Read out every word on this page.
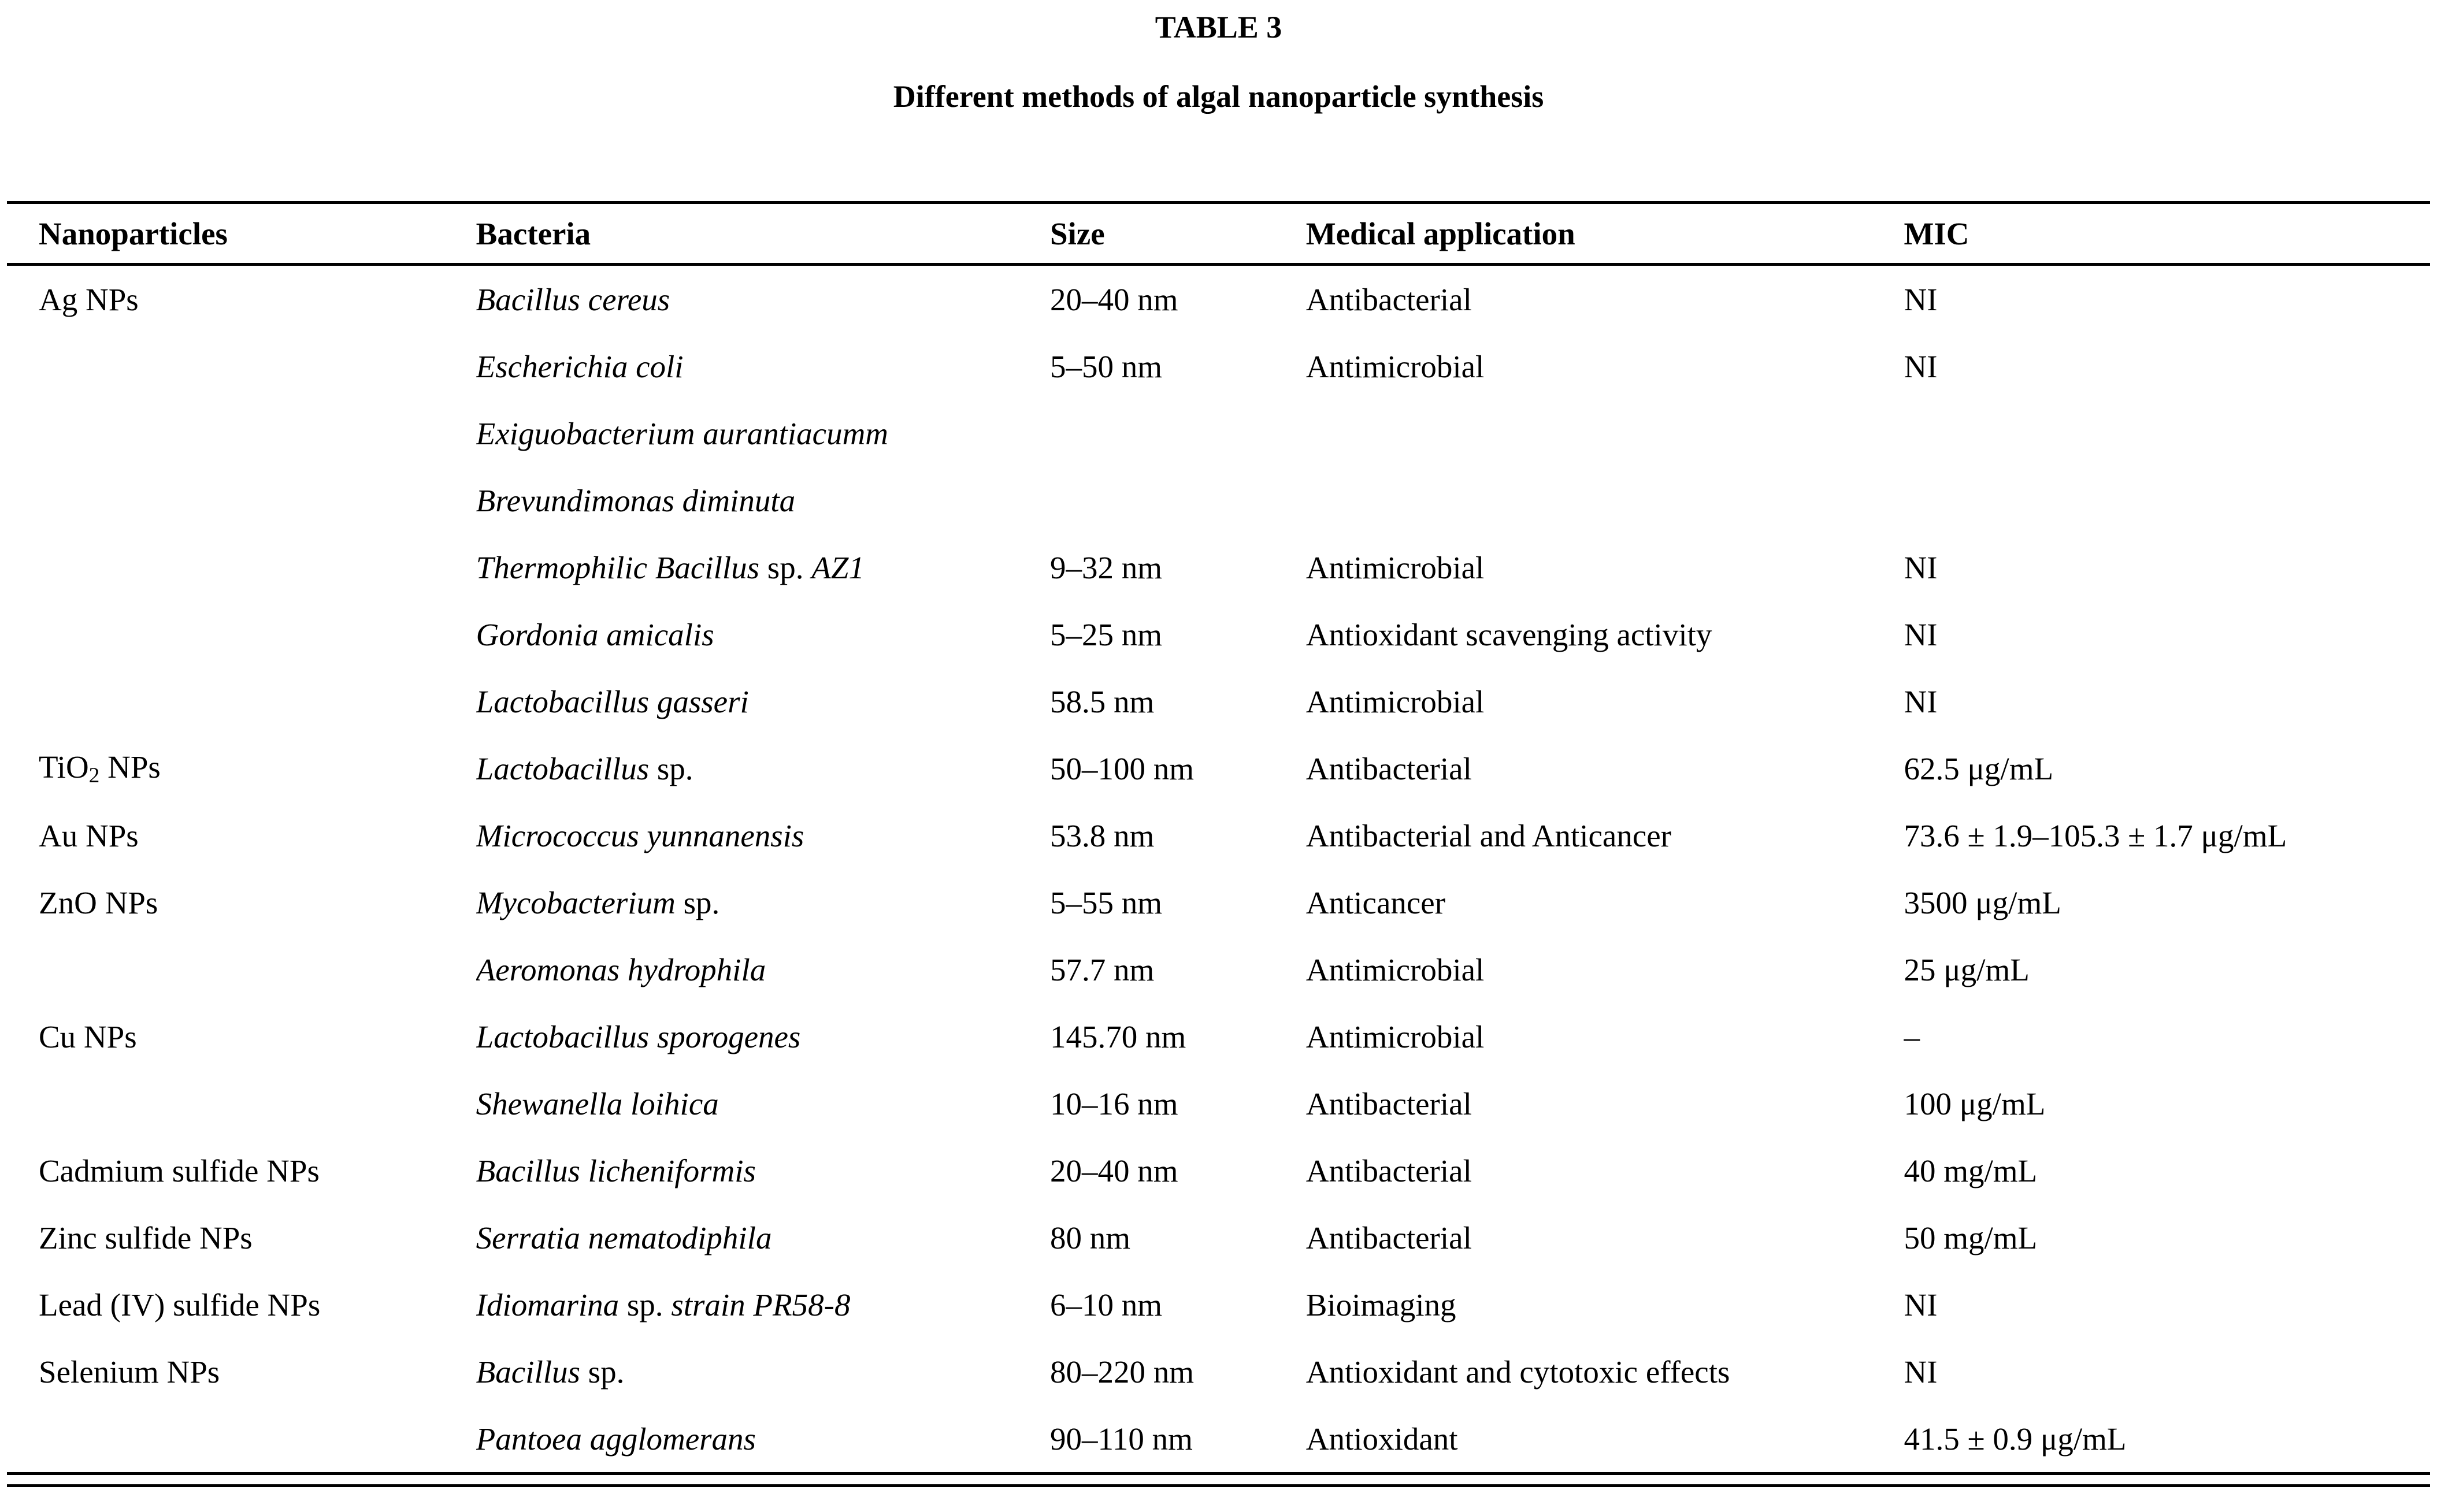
TABLE 3
Different methods of algal nanoparticle synthesis
Nanoparticles	Bacteria	Size	Medical application	MIC
Ag NPs	Bacillus cereus	20–40 nm	Antibacterial	NI
	Escherichia coli	5–50 nm	Antimicrobial	NI
	Exiguobacterium aurantiacumm			
	Brevundimonas diminuta			
	Thermophilic Bacillus sp. AZ1	9–32 nm	Antimicrobial	NI
	Gordonia amicalis	5–25 nm	Antioxidant scavenging activity	NI
	Lactobacillus gasseri	58.5 nm	Antimicrobial	NI
TiO2 NPs	Lactobacillus sp.	50–100 nm	Antibacterial	62.5 μg/mL
Au NPs	Micrococcus yunnanensis	53.8 nm	Antibacterial and Anticancer	73.6 ± 1.9–105.3 ± 1.7 μg/mL
ZnO NPs	Mycobacterium sp.	5–55 nm	Anticancer	3500 μg/mL
	Aeromonas hydrophila	57.7 nm	Antimicrobial	25 μg/mL
Cu NPs	Lactobacillus sporogenes	145.70 nm	Antimicrobial	–
	Shewanella loihica	10–16 nm	Antibacterial	100 μg/mL
Cadmium sulfide NPs	Bacillus licheniformis	20–40 nm	Antibacterial	40 mg/mL
Zinc sulfide NPs	Serratia nematodiphila	80 nm	Antibacterial	50 mg/mL
Lead (IV) sulfide NPs	Idiomarina sp. strain PR58-8	6–10 nm	Bioimaging	NI
Selenium NPs	Bacillus sp.	80–220 nm	Antioxidant and cytotoxic effects	NI
	Pantoea agglomerans	90–110 nm	Antioxidant	41.5 ± 0.9 μg/mL
